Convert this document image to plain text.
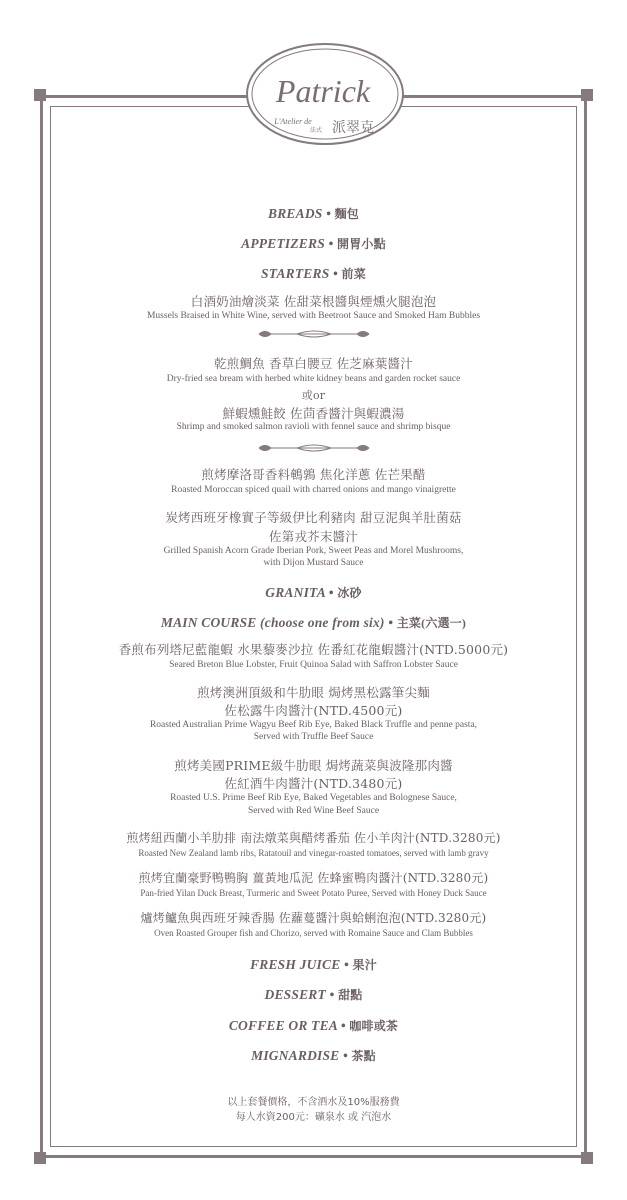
Patrick
L'Atelier de
法式 派翠克
BREADS • 麵包
APPETIZERS • 開胃小點
STARTERS • 前菜
白酒奶油燴淡菜 佐甜菜根醬與煙燻火腿泡泡
Mussels Braised in White Wine, served with Beetroot Sauce and Smoked Ham Bubbles
乾煎鯛魚 香草白腰豆 佐芝麻葉醬汁
Dry-fried sea bream with herbed white kidney beans and garden rocket sauce
或or
鮮蝦燻鮭餃 佐茴香醬汁與蝦濃湯
Shrimp and smoked salmon ravioli with fennel sauce and shrimp bisque
煎烤摩洛哥香料鵪鶉 焦化洋蔥 佐芒果醋
Roasted Moroccan spiced quail with charred onions and mango vinaigrette
炭烤西班牙橡實子等級伊比利豬肉 甜豆泥與羊肚菌菇
佐第戎芥末醬汁
Grilled Spanish Acorn Grade Iberian Pork, Sweet Peas and Morel Mushrooms,
with Dijon Mustard Sauce
GRANITA • 冰砂
MAIN COURSE (choose one from six) • 主菜(六選一)
香煎布列塔尼藍龍蝦 水果藜麥沙拉 佐番紅花龍蝦醬汁(NTD.5000元)
Seared Breton Blue Lobster, Fruit Quinoa Salad with Saffron Lobster Sauce
煎烤澳洲頂級和牛肋眼 焗烤黑松露筆尖麵
佐松露牛肉醬汁(NTD.4500元)
Roasted Australian Prime Wagyu Beef Rib Eye, Baked Black Truffle and penne pasta,
Served with Truffle Beef Sauce
煎烤美國PRIME級牛肋眼 焗烤蔬菜與波隆那肉醬
佐紅酒牛肉醬汁(NTD.3480元)
Roasted U.S. Prime Beef Rib Eye, Baked Vegetables and Bolognese Sauce,
Served with Red Wine Beef Sauce
煎烤紐西蘭小羊肋排 南法燉菜與醋烤番茄 佐小羊肉汁(NTD.3280元)
Roasted New Zealand lamb ribs, Ratatouil and vinegar-roasted tomatoes, served with lamb gravy
煎烤宜蘭豪野鴨鴨胸 薑黃地瓜泥 佐蜂蜜鴨肉醬汁(NTD.3280元)
Pan-fried Yilan Duck Breast, Turmeric and Sweet Potato Puree, Served with Honey Duck Sauce
爐烤鱸魚與西班牙辣香腸 佐蘿蔓醬汁與蛤蜊泡泡(NTD.3280元)
Oven Roasted Grouper fish and Chorizo, served with Romaine Sauce and Clam Bubbles
FRESH JUICE • 果汁
DESSERT • 甜點
COFFEE OR TEA • 咖啡或茶
MIGNARDISE • 茶點
以上套餐價格，不含酒水及10%服務費
每人水資200元：礦泉水 或 汽泡水
